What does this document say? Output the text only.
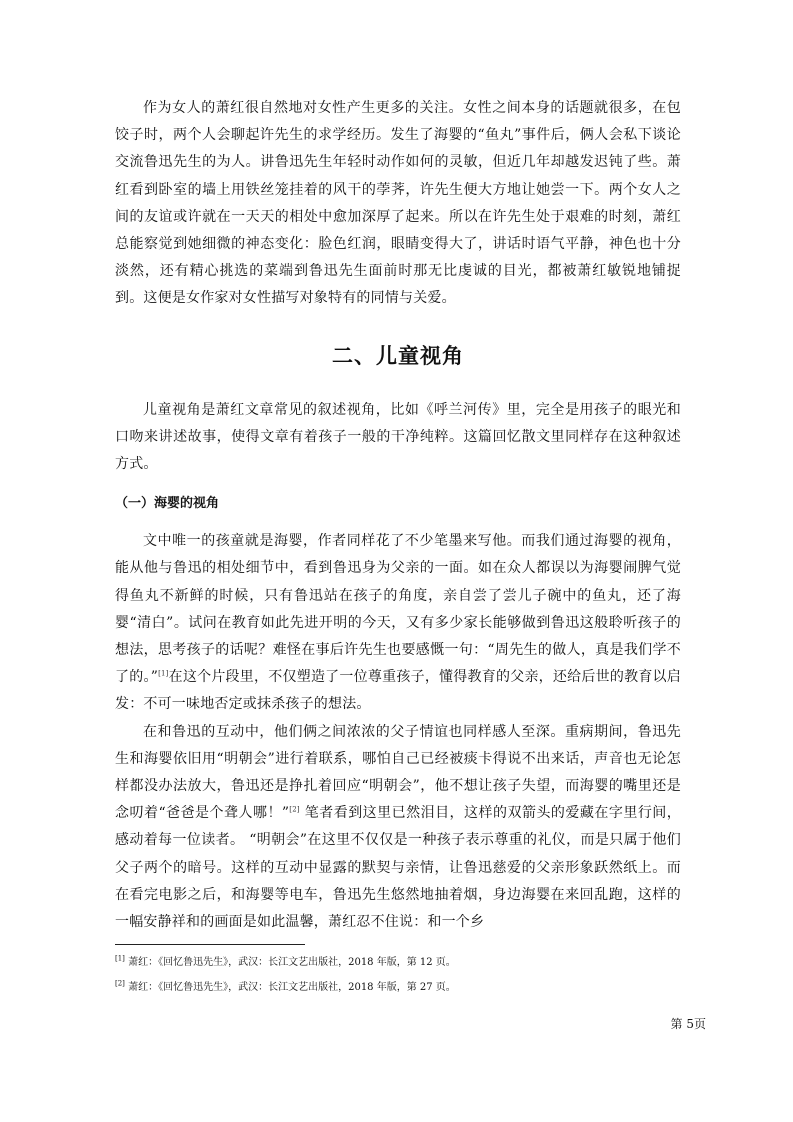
作为女人的萧红很自然地对女性产生更多的关注。女性之间本身的话题就很多，在包饺子时，两个人会聊起许先生的求学经历。发生了海婴的“鱼丸”事件后，俩人会私下谈论交流鲁迅先生的为人。讲鲁迅先生年轻时动作如何的灵敏，但近几年却越发迟钝了些。萧红看到卧室的墙上用铁丝笼挂着的风干的荸荠，许先生便大方地让她尝一下。两个女人之间的友谊或许就在一天天的相处中愈加深厚了起来。所以在许先生处于艰难的时刻，萧红总能察觉到她细微的神态变化：脸色红润，眼睛变得大了，讲话时语气平静，神色也十分淡然，还有精心挑选的菜端到鲁迅先生面前时那无比虔诚的目光，都被萧红敏锐地铺捉到。这便是女作家对女性描写对象特有的同情与关爱。

二、儿童视角

儿童视角是萧红文章常见的叙述视角，比如《呼兰河传》里，完全是用孩子的眼光和口吻来讲述故事，使得文章有着孩子一般的干净纯粹。这篇回忆散文里同样存在这种叙述方式。

（一）海婴的视角

文中唯一的孩童就是海婴，作者同样花了不少笔墨来写他。而我们通过海婴的视角，能从他与鲁迅的相处细节中，看到鲁迅身为父亲的一面。如在众人都误以为海婴闹脾气觉得鱼丸不新鲜的时候，只有鲁迅站在孩子的角度，亲自尝了尝儿子碗中的鱼丸，还了海婴“清白”。试问在教育如此先进开明的今天，又有多少家长能够做到鲁迅这般聆听孩子的想法，思考孩子的话呢？难怪在事后许先生也要感慨一句：“周先生的做人，真是我们学不了的。”[1]在这个片段里，不仅塑造了一位尊重孩子，懂得教育的父亲，还给后世的教育以启发：不可一味地否定或抹杀孩子的想法。

在和鲁迅的互动中，他们俩之间浓浓的父子情谊也同样感人至深。重病期间，鲁迅先生和海婴依旧用“明朝会”进行着联系，哪怕自己已经被痰卡得说不出来话，声音也无论怎样都没办法放大，鲁迅还是挣扎着回应“明朝会”，他不想让孩子失望，而海婴的嘴里还是念叨着“爸爸是个聋人哪！”[2] 笔者看到这里已然泪目，这样的双箭头的爱藏在字里行间，感动着每一位读者。 “明朝会”在这里不仅仅是一种孩子表示尊重的礼仪，而是只属于他们父子两个的暗号。这样的互动中显露的默契与亲情，让鲁迅慈爱的父亲形象跃然纸上。而在看完电影之后，和海婴等电车，鲁迅先生悠然地抽着烟，身边海婴在来回乱跑，这样的一幅安静祥和的画面是如此温馨，萧红忍不住说：和一个乡

[1] 萧红：《回忆鲁迅先生》，武汉：长江文艺出版社，2018 年版，第 12 页。
[2] 萧红：《回忆鲁迅先生》，武汉：长江文艺出版社，2018 年版，第 27 页。
第 5页
